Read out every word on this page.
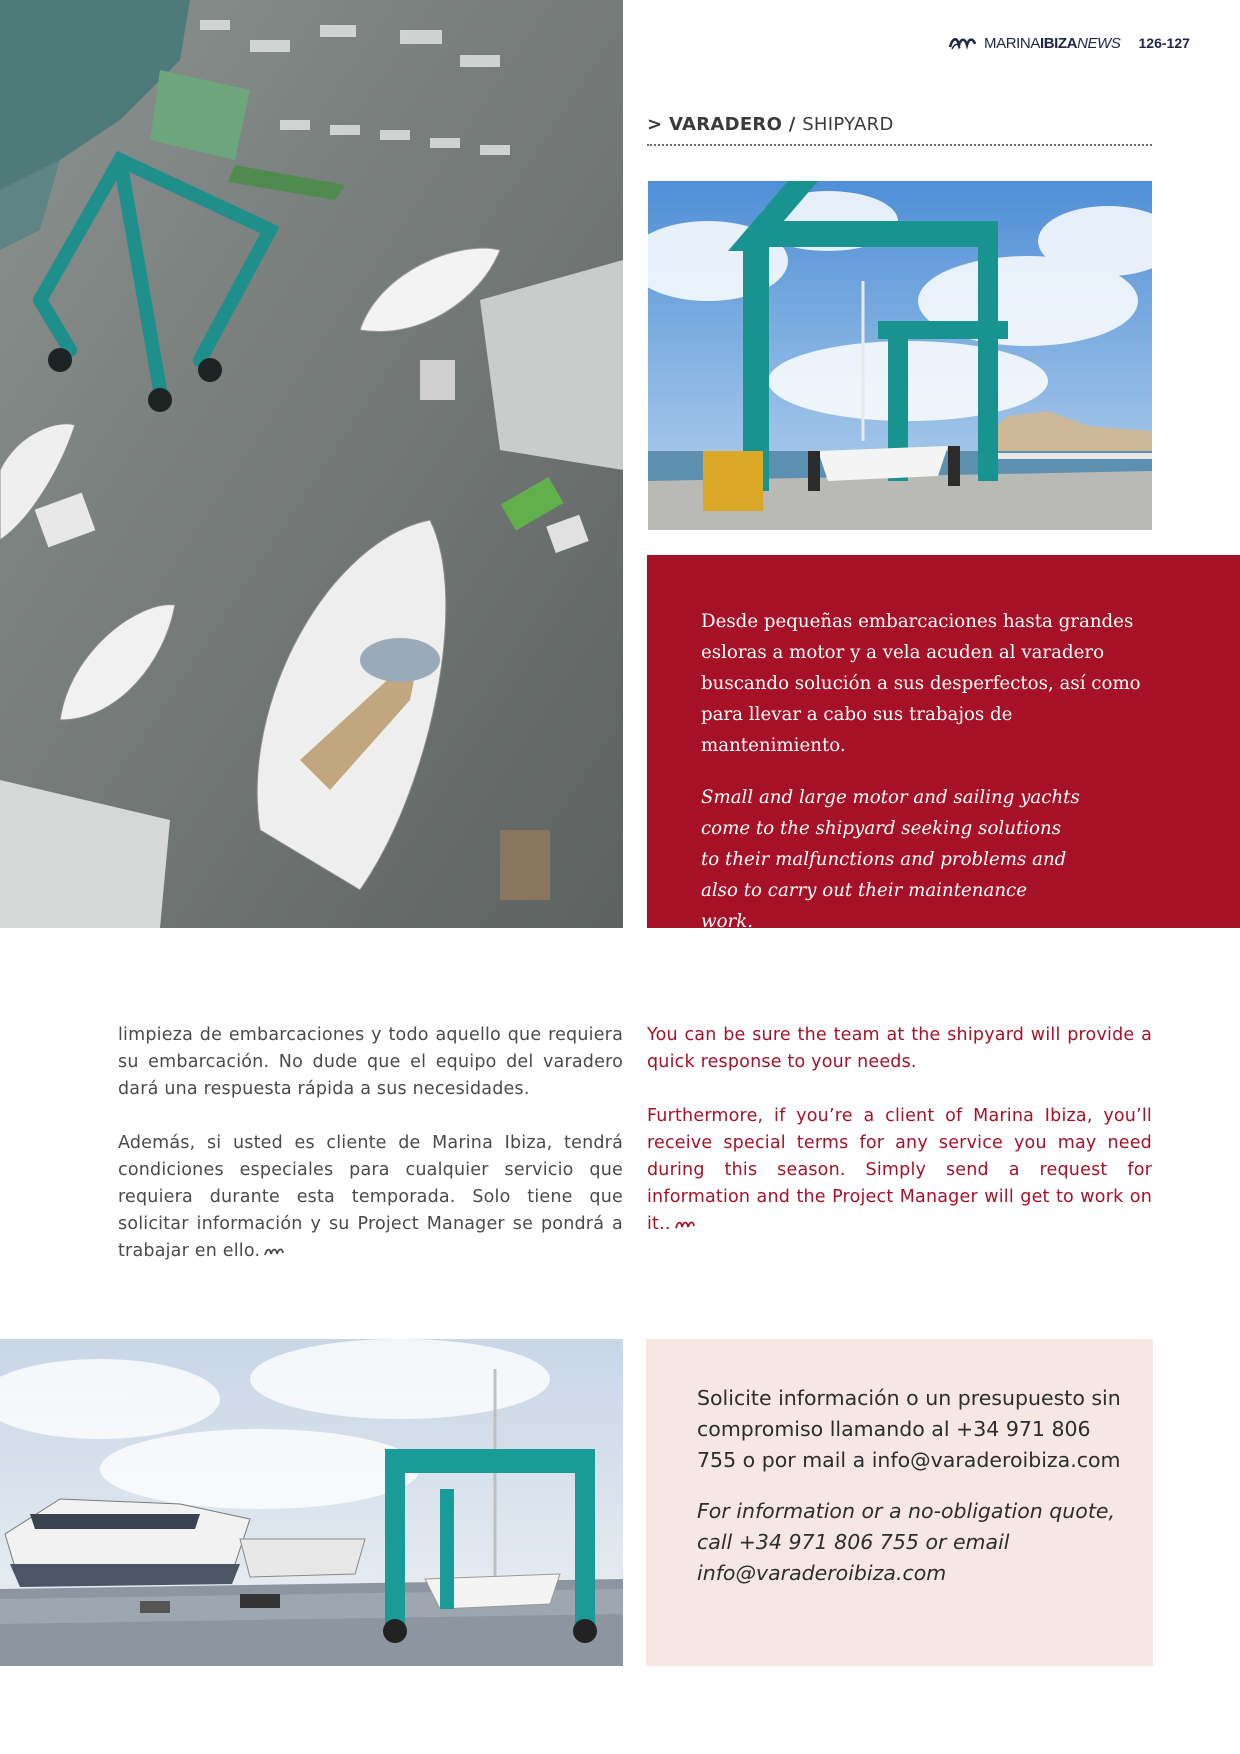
MARINAIBIZANEWS 126-127
> VARADERO / SHIPYARD

Desde pequeñas embarcaciones hasta grandes esloras a motor y a vela acuden al varadero buscando solución a sus desperfectos, así como para llevar a cabo sus trabajos de mantenimiento.

Small and large motor and sailing yachts come to the shipyard seeking solutions to their malfunctions and problems and also to carry out their maintenance work.

limpieza de embarcaciones y todo aquello que requiera su embarcación. No dude que el equipo del varadero dará una respuesta rápida a sus necesidades.

Además, si usted es cliente de Marina Ibiza, tendrá condiciones especiales para cualquier servicio que requiera durante esta temporada. Solo tiene que solicitar información y su Project Manager se pondrá a trabajar en ello.

You can be sure the team at the shipyard will provide a quick response to your needs.

Furthermore, if you’re a client of Marina Ibiza, you’ll receive special terms for any service you may need during this season. Simply send a request for information and the Project Manager will get to work on it..

Solicite información o un presupuesto sin compromiso llamando al +34 971 806 755 o por mail a info@varaderoibiza.com

For information or a no-obligation quote, call +34 971 806 755 or email info@varaderoibiza.com
